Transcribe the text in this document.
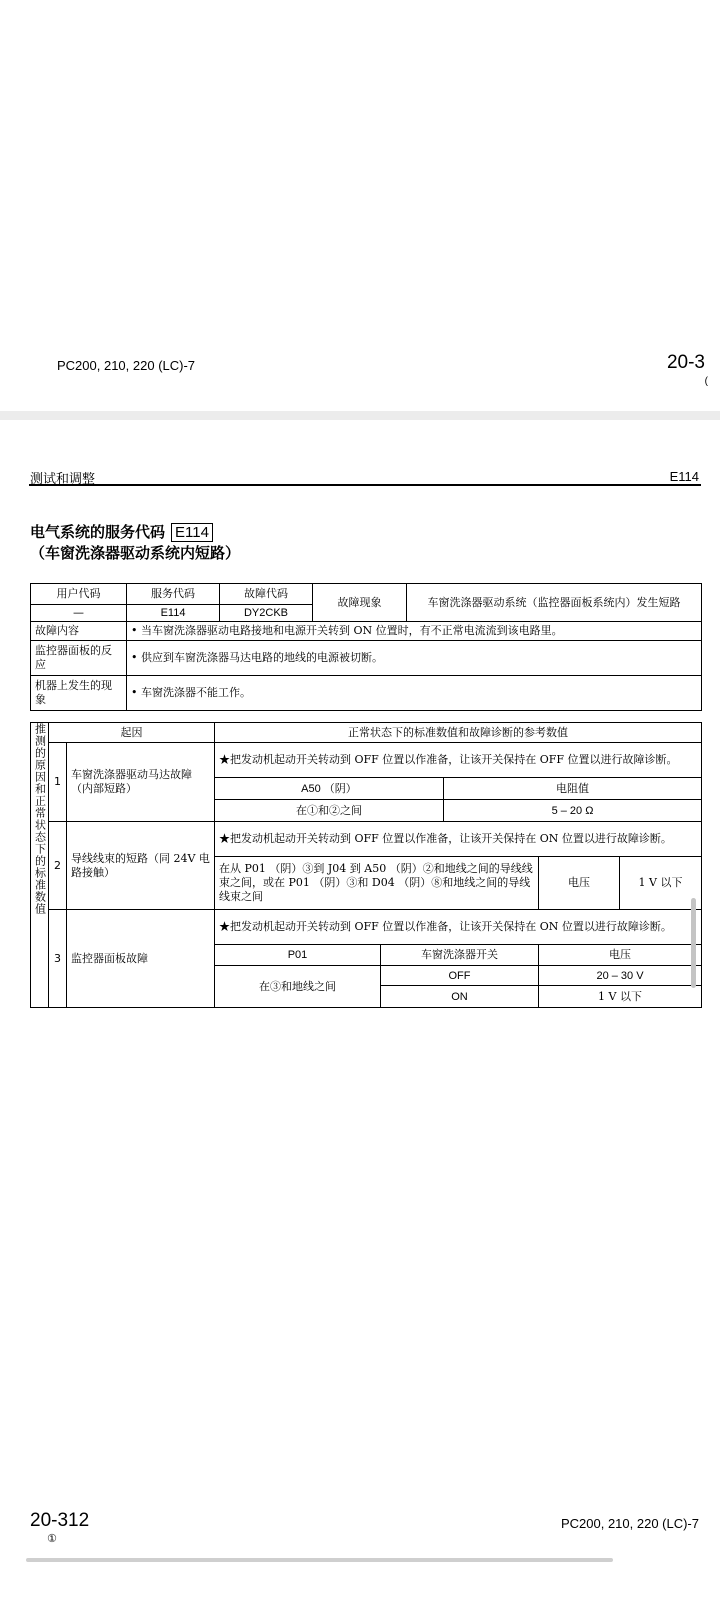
PC200, 210, 220 (LC)-7	20-3
(
测试和调整	E114
电气系统的服务代码 E114
（车窗洗涤器驱动系统内短路）
用户代码	服务代码	故障代码	故障现象	车窗洗涤器驱动系统（监控器面板系统内）发生短路
—	E114	DY2CKB		
故障内容	• 当车窗洗涤器驱动电路接地和电源开关转到 ON 位置时，有不正常电流流到该电路里。			
监控器面板的反应	• 供应到车窗洗涤器马达电路的地线的电源被切断。			
机器上发生的现象	• 车窗洗涤器不能工作。			
推测的原因和正常状态下的标准数值	起因		正常状态下的标准数值和故障诊断的参考数值				
	1	车窗洗涤器驱动马达故障（内部短路）	★把发动机起动开关转动到 OFF 位置以作准备，让该开关保持在 OFF 位置以进行故障诊断。				
			A50 （阴）		电阻值		
			在①和②之间		5 – 20 Ω		
	2	导线线束的短路（同 24V 电路接触）	★把发动机起动开关转动到 OFF 位置以作准备，让该开关保持在 ON 位置以进行故障诊断。				
			在从 P01 （阴）③到 J04 到 A50 （阴）②和地线之间的导线线束之间，或在 P01 （阴）③和 D04 （阴）⑧和地线之间的导线线束之间			电压	1 V 以下
	3	监控器面板故障	★把发动机起动开关转动到 OFF 位置以作准备，让该开关保持在 ON 位置以进行故障诊断。				
			P01	车窗洗涤器开关		电压	
			在③和地线之间	OFF		20 – 30 V	
				ON		1 V 以下	
20-312
①
PC200, 210, 220 (LC)-7
